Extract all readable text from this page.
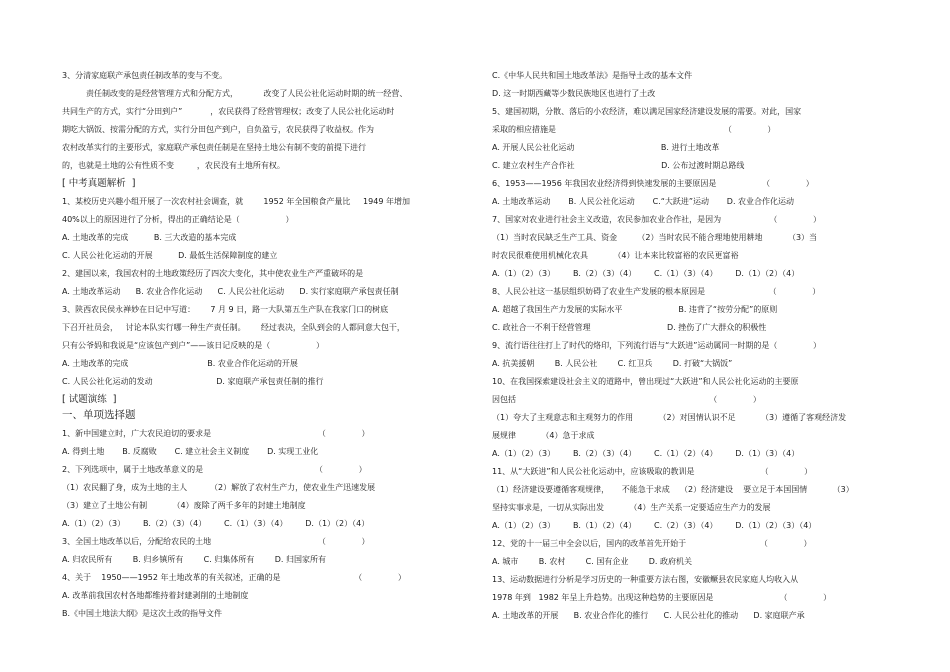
3、分清家庭联产承包责任制改革的变与不变。
责任制改变的是经营管理方式和分配方式，          改变了人民公社化运动时期的统一经营、
共同生产的方式，实行“分田到户”           ，农民获得了经营管理权；改变了人民公社化运动时
期吃大锅饭、按需分配的方式，实行分田包产到户，自负盈亏，农民获得了收益权。作为
农村改革实行的主要形式，家庭联产承包责任制是在坚持土地公有制不变的前提下进行
的，也就是土地的公有性质不变         ，农民没有土地所有权。
[ 中考真题解析  ]
1、某校历史兴趣小组开展了一次农村社会调查，就        1952 年全国粮食产量比     1949 年增加
40%以上的原因进行了分析，得出的正确结论是（                  ）
A. 土地改革的完成          B. 三大改造的基本完成
C. 人民公社化运动的开展          D. 最低生活保障制度的建立
2、建国以来，我国农村的土地政策经历了四次大变化，其中使农业生产严重破坏的是
A. 土地改革运动      B. 农业合作化运动      C. 人民公社化运动      D. 实行家庭联产承包责任制
3、陕西农民侯永禅妙在日记中写道：      7 月 9 日，路一大队第五生产队在我家门口的树底
下召开社员会，   讨论本队实行哪一种生产责任制。      经过表决，全队到会的人都同意大包干，
只有公爷妈和我说是“应该包产到户”——该日记反映的是（                  ）
A. 土地改革的完成                               B. 农业合作化运动的开展
C. 人民公社化运动的发动                         D. 家庭联产承包责任制的推行
[ 试题演练  ]
一、单项选择题
1、新中国建立时，广大农民迫切的要求是                                          （              ）
A. 得到土地       B. 反腐败       C. 建立社会主义制度       D. 实现工业化
2、下列选项中，属于土地改革意义的是                                            （              ）
（1）农民翻了身，成为土地的主人         （2）解放了农村生产力，使农业生产迅速发展
（3）建立了土地公有制          （4）废除了两千多年的封建土地制度
A.（1）（2）（3）       B.（2）（3）（4）       C.（1）（3）（4）       D.（1）（2）（4）
3、全国土地改革以后，分配给农民的土地                                          （              ）
A. 归农民所有        B. 归乡镇所有        C. 归集体所有        D. 归国家所有
4、关于    1950——1952 年土地改革的有关叙述，正确的是                             （              ）
A. 改革前我国农村各地都维持着封建剥削的土地制度
B.《中国土地法大纲》是这次土改的指导文件
C.《中华人民共和国土地改革法》是指导土改的基本文件
D. 这一时期西藏等少数民族地区也进行了土改
5、建国初期，分散、落后的小农经济，难以满足国家经济建设发展的需要。对此，国家
采取的相应措施是                                                                  （              ）
A. 开展人民公社化运动                                  B. 进行土地改革
C. 建立农村生产合作社                                  D. 公布过渡时期总路线
6、1953——1956 年我国农业经济得到快速发展的主要原因是                  （              ）
A. 土地改革运动       B. 人民公社化运动       C.“大跃进”运动       D. 农业合作化运动
7、国家对农业进行社会主义改造，农民参加农业合作社，是因为                   （              ）
（1）当时农民缺乏生产工具、资金        （2）当时农民不能合理地使用耕地          （3）当
时农民很难使用机械化农具          （4）让本来比较富裕的农民更富裕
A.（1）（2）（3）       B.（2）（3）（4）       C.（1）（3）（4）       D.（1）（2）（4）
8、人民公社这一基层组织妨碍了农业生产发展的根本原因是                         （              ）
A. 超越了我国生产力发展的实际水平                      B. 违背了“按劳分配”的原则
C. 政社合一不利于经营管理                              D. 挫伤了广大群众的积极性
9、流行语往往打上了时代的烙印，下列流行语与“大跃进”运动属同一时期的是（              ）
A. 抗美援朝        B. 人民公社        C. 红卫兵        D. 打破“大锅饭”
10、在我国探索建设社会主义的道路中，曾出现过“大跃进”和人民公社化运动的主要原
因包括                                                                            （              ）
（1）夸大了主观意志和主观努力的作用          （2）对国情认识不足          （3）遵循了客观经济发
展规律          （4）急于求成
A.（1）（2）（3）       B.（2）（3）（4）       C.（1）（2）（4）       D.（1）（3）（4）
11、从“大跃进”和人民公社化运动中，应该吸取的教训是                          （              ）
（1）经济建设要遵循客观规律，     不能急于求成    （2）经济建设    要立足于本国国情          （3）
坚持实事求是，一切从实际出发          （4）生产关系一定要适应生产力的发展
A.（1）（2）（3）       B.（1）（2）（4）       C.（2）（3）（4）       D.（1）（2）（3）（4）
12、党的十一届三中全会以后，国内的改革首先开始于                             （              ）
A. 城市        B. 农村        C. 国有企业        D. 政府机关
13、运动数据进行分析是学习历史的一种重要方法右图，安徽鳜县农民家庭人均收入从
1978 年到   1982 年呈上升趋势。出现这种趋势的主要原因是                          （              ）
A. 土地改革的开展      B. 农业合作化的推行      C. 人民公社化的推动      D. 家庭联产承
